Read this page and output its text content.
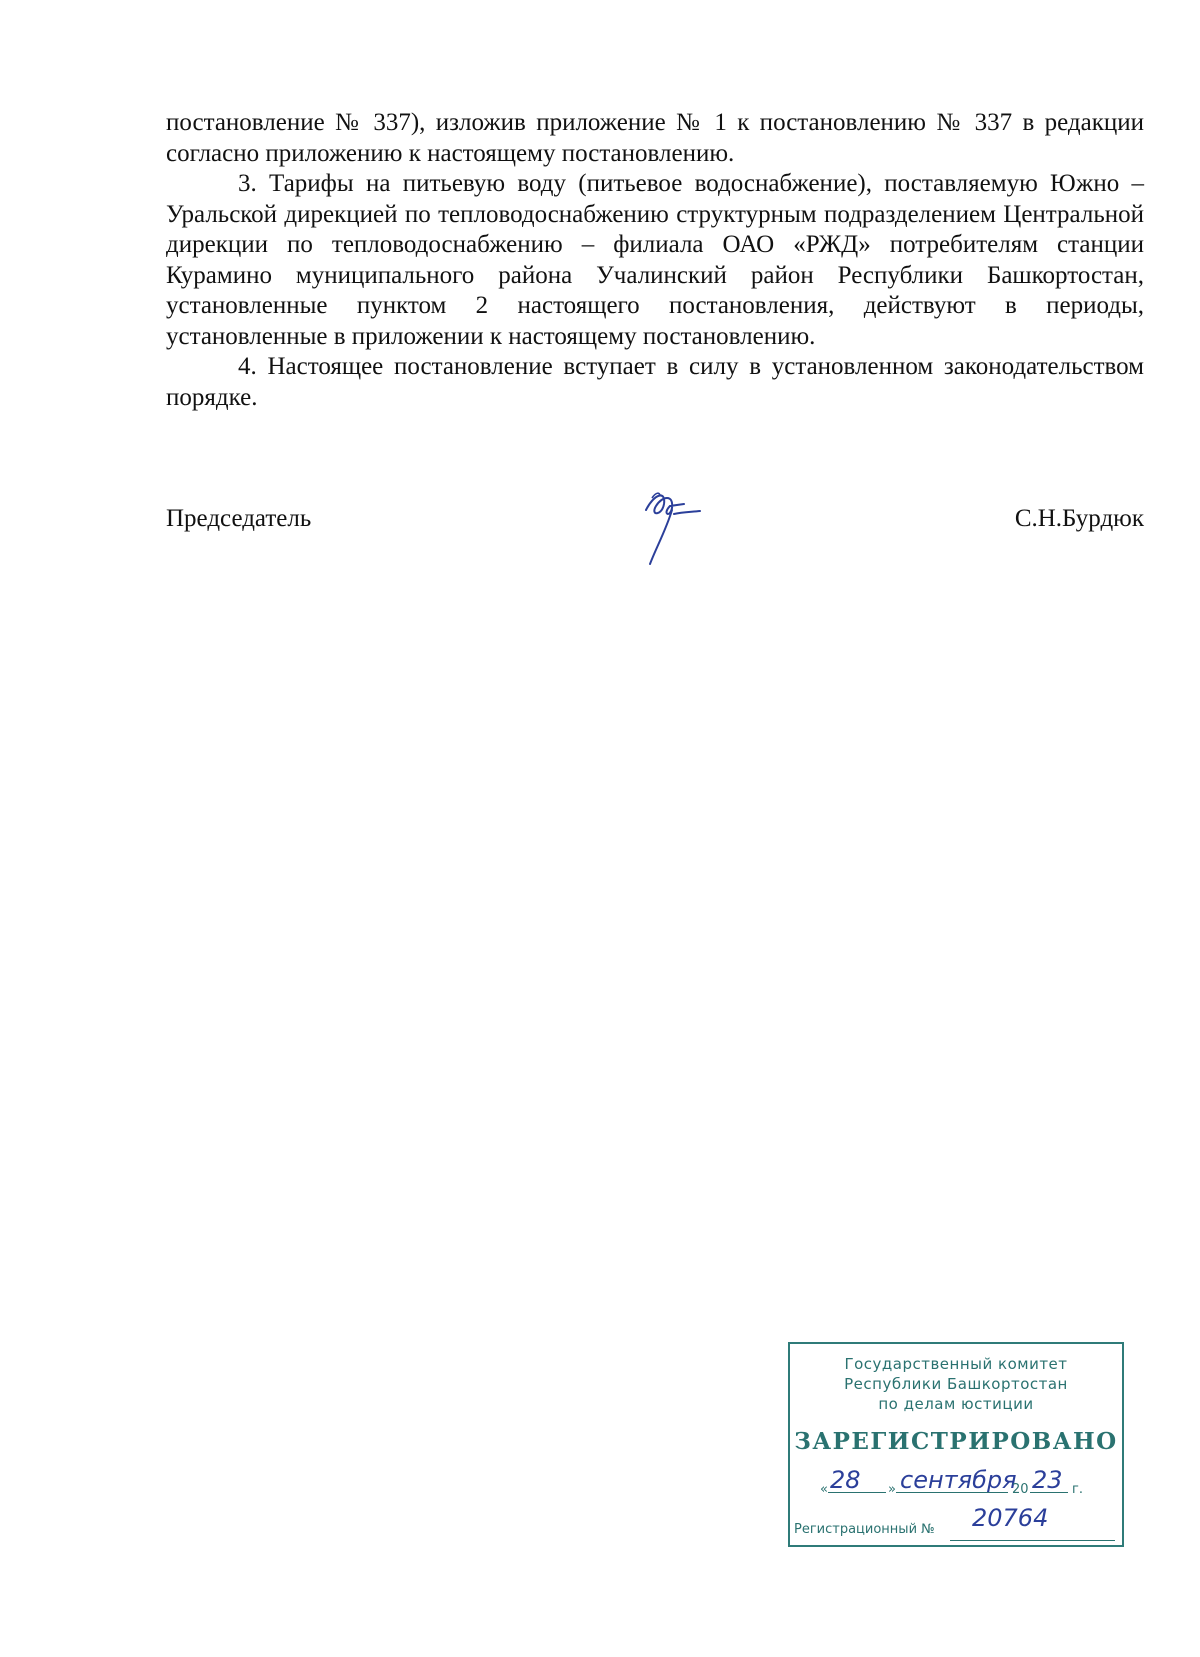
постановление № 337), изложив приложение № 1 к постановлению № 337 в редакции согласно приложению к настоящему постановлению.

3. Тарифы на питьевую воду (питьевое водоснабжение), поставляемую Южно – Уральской дирекцией по тепловодоснабжению структурным подразделением Центральной дирекции по тепловодоснабжению – филиала ОАО «РЖД» потребителям станции Курамино муниципального района Учалинский район Республики Башкортостан, установленные пунктом 2 настоящего постановления, действуют в периоды, установленные в приложении к настоящему постановлению.

4. Настоящее постановление вступает в силу в установленном законодательством порядке.

Председатель	С.Н.Бурдюк
Государственный комитет
Республики Башкортостан
по делам юстиции
ЗАРЕГИСТРИРОВАНО
« 28 » сентября
20 23 г.
Регистрационный № 20764
